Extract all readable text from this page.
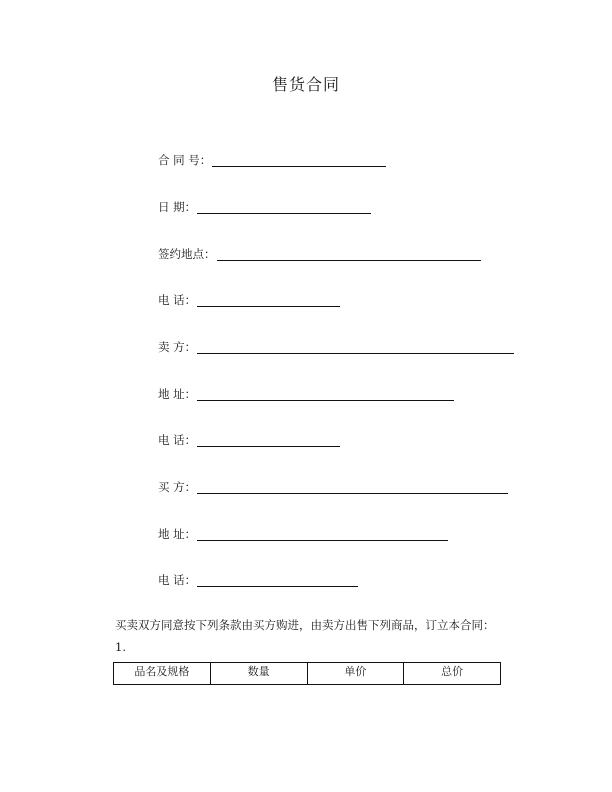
售货合同
合 同 号：
日 期：
签约地点：
电 话：
卖 方：
地 址：
电 话：
买 方：
地 址：
电 话：
买卖双方同意按下列条款由买方购进，由卖方出售下列商品，订立本合同：
1.
品名及规格	数量	单价	总价
